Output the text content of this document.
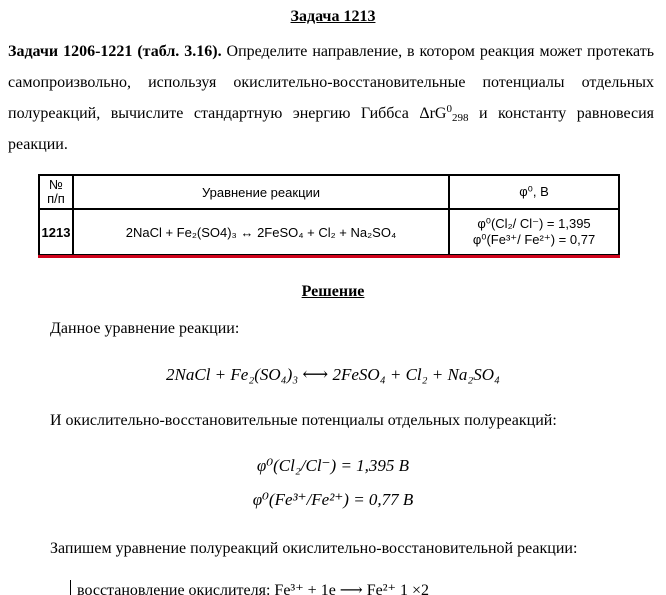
Задача 1213
Задачи 1206-1221 (табл. 3.16). Определите направление, в котором реакция может протекать самопроизвольно, используя окислительно-восстановительные потенциалы отдельных полуреакций, вычислите стандартную энергию Гиббса ΔrG$^0_{298}$ и константу равновесия реакции.
№
п/п	Уравнение реакции	φ⁰, В
1213	2NaCl + Fe₂(SO4)₃ ↔ 2FeSO₄ + Cl₂ + Na₂SO₄	φ⁰(Cl₂/ Cl⁻) = 1,395
φ⁰(Fe³⁺/ Fe²⁺) = 0,77
Решение
Данное уравнение реакции:
2NaCl + Fe₂(SO₄)₃ ⟷ 2FeSO₄ + Cl₂ + Na₂SO₄
И окислительно-восстановительные потенциалы отдельных полуреакций:
φ⁰(Cl₂/Cl⁻) = 1,395 В
φ⁰(Fe³⁺/Fe²⁺) = 0,77 В
Запишем уравнение полуреакций окислительно-восстановительной реакции:
восстановление окислителя: Fe³⁺ + 1e ⟶ Fe²⁺ 1 ×2
